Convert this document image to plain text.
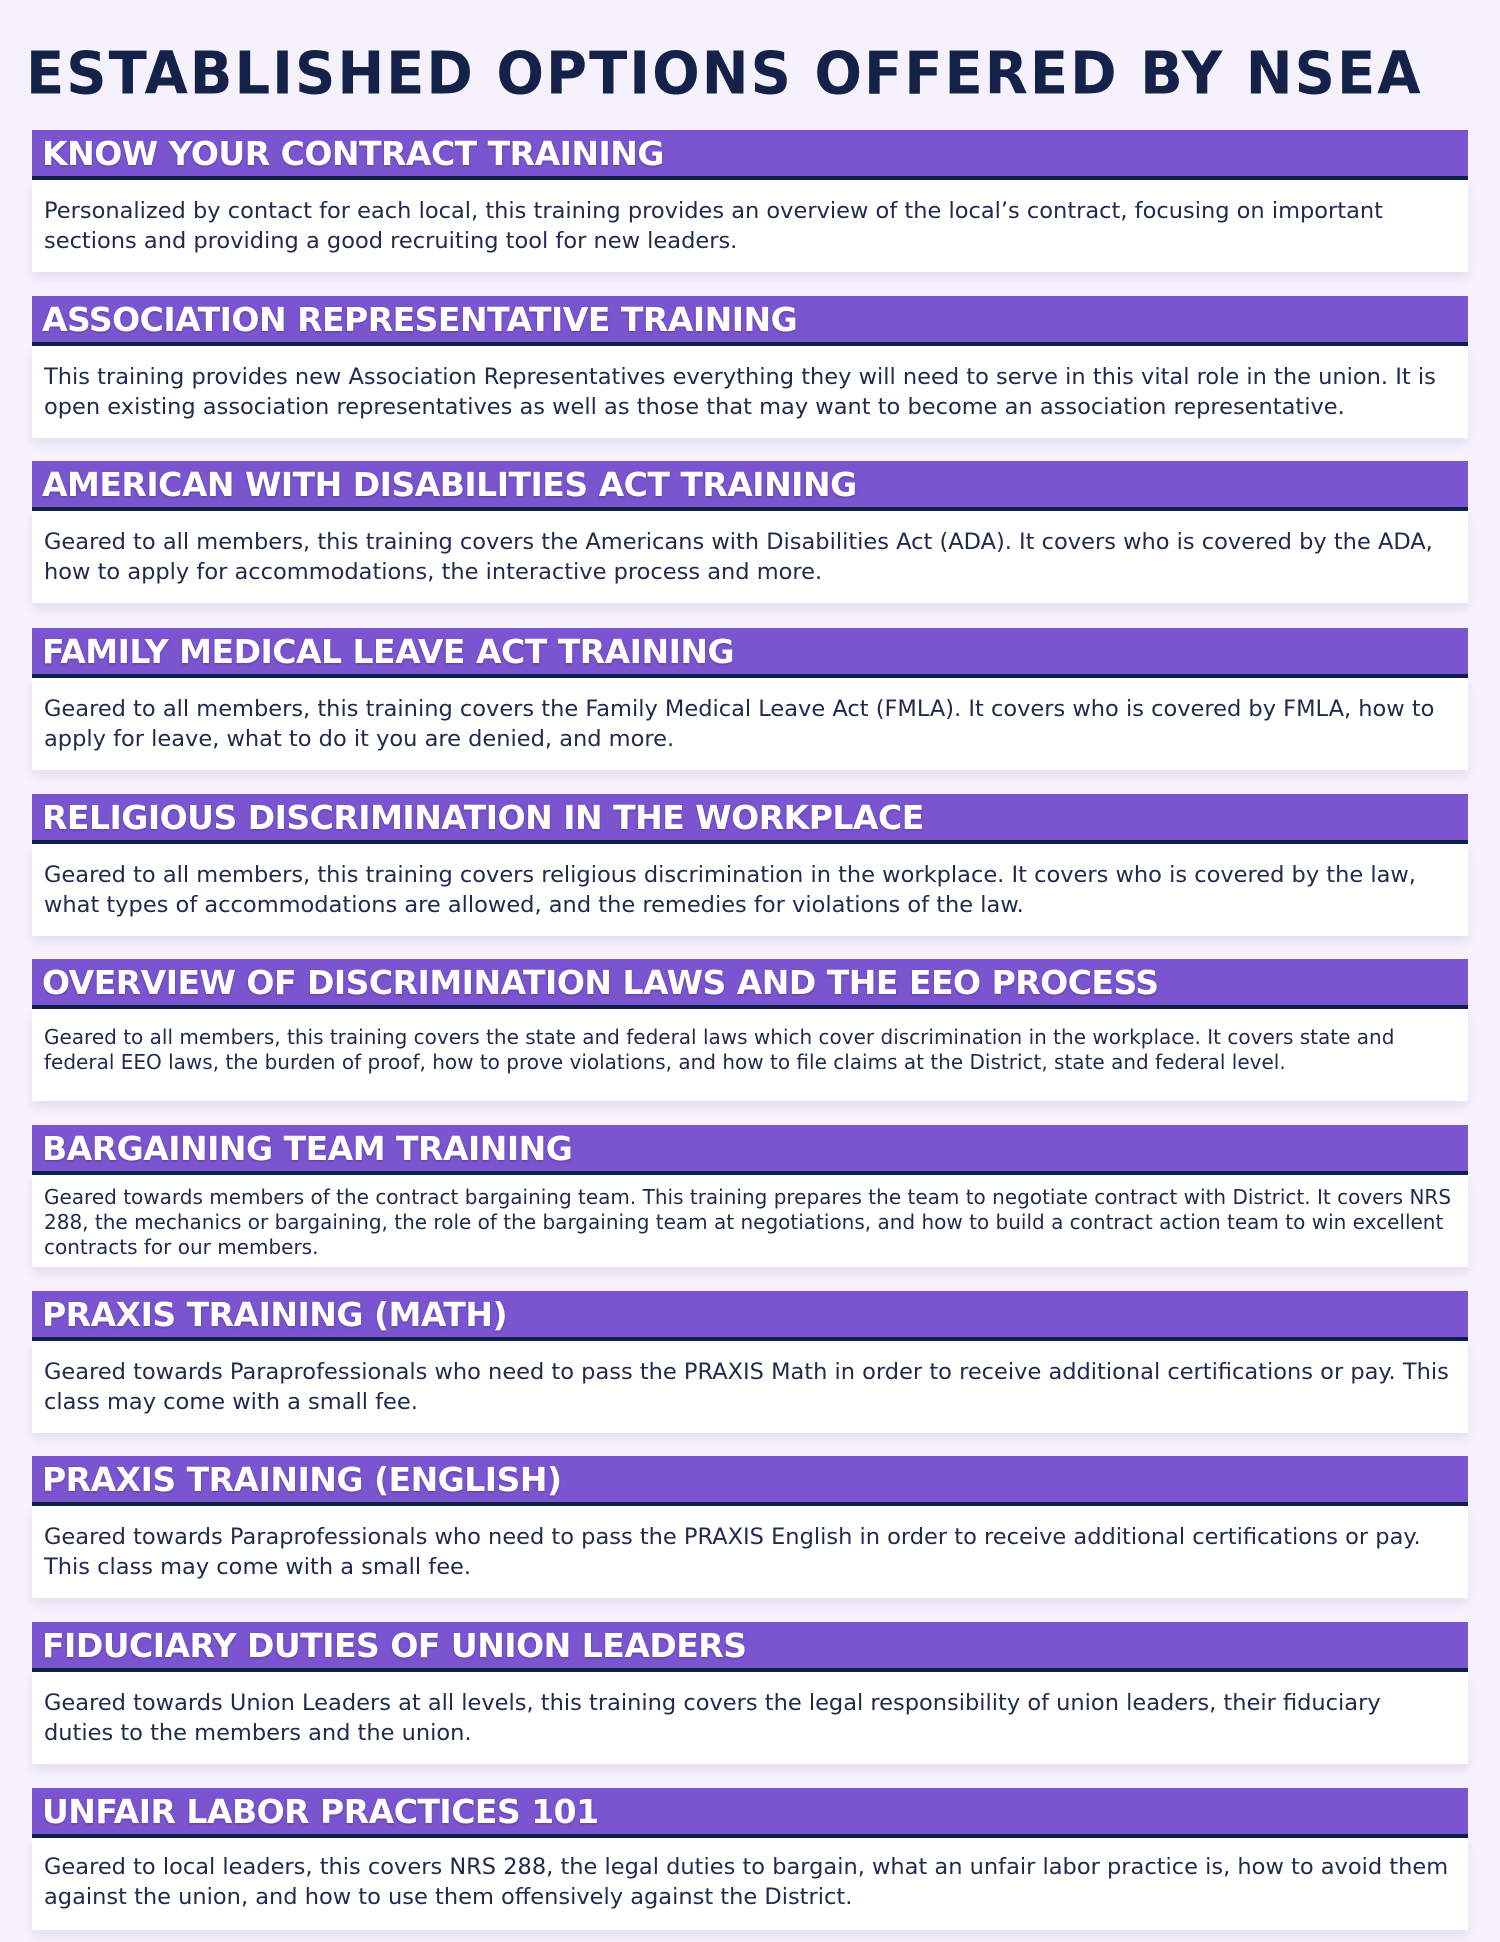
ESTABLISHED OPTIONS OFFERED BY NSEA
KNOW YOUR CONTRACT TRAINING

Personalized by contact for each local, this training provides an overview of the local’s contract, focusing on important sections and providing a good recruiting tool for new leaders.

ASSOCIATION REPRESENTATIVE TRAINING

This training provides new Association Representatives everything they will need to serve in this vital role in the union. It is open existing association representatives as well as those that may want to become an association representative.

AMERICAN WITH DISABILITIES ACT TRAINING

Geared to all members, this training covers the Americans with Disabilities Act (ADA). It covers who is covered by the ADA, how to apply for accommodations, the interactive process and more.

FAMILY MEDICAL LEAVE ACT TRAINING

Geared to all members, this training covers the Family Medical Leave Act (FMLA). It covers who is covered by FMLA, how to apply for leave, what to do it you are denied, and more.

RELIGIOUS DISCRIMINATION IN THE WORKPLACE

Geared to all members, this training covers religious discrimination in the workplace. It covers who is covered by the law, what types of accommodations are allowed, and the remedies for violations of the law.

OVERVIEW OF DISCRIMINATION LAWS AND THE EEO PROCESS

Geared to all members, this training covers the state and federal laws which cover discrimination in the workplace. It covers state and federal EEO laws, the burden of proof, how to prove violations, and how to file claims at the District, state and federal level.

BARGAINING TEAM TRAINING

Geared towards members of the contract bargaining team. This training prepares the team to negotiate contract with District. It covers NRS 288, the mechanics or bargaining, the role of the bargaining team at negotiations, and how to build a contract action team to win excellent contracts for our members.

PRAXIS TRAINING (MATH)

Geared towards Paraprofessionals who need to pass the PRAXIS Math in order to receive additional certifications or pay. This class may come with a small fee.

PRAXIS TRAINING (ENGLISH)

Geared towards Paraprofessionals who need to pass the PRAXIS English in order to receive additional certifications or pay. This class may come with a small fee.

FIDUCIARY DUTIES OF UNION LEADERS

Geared towards Union Leaders at all levels, this training covers the legal responsibility of union leaders, their fiduciary duties to the members and the union.

UNFAIR LABOR PRACTICES 101

Geared to local leaders, this covers NRS 288, the legal duties to bargain, what an unfair labor practice is, how to avoid them against the union, and how to use them offensively against the District.
